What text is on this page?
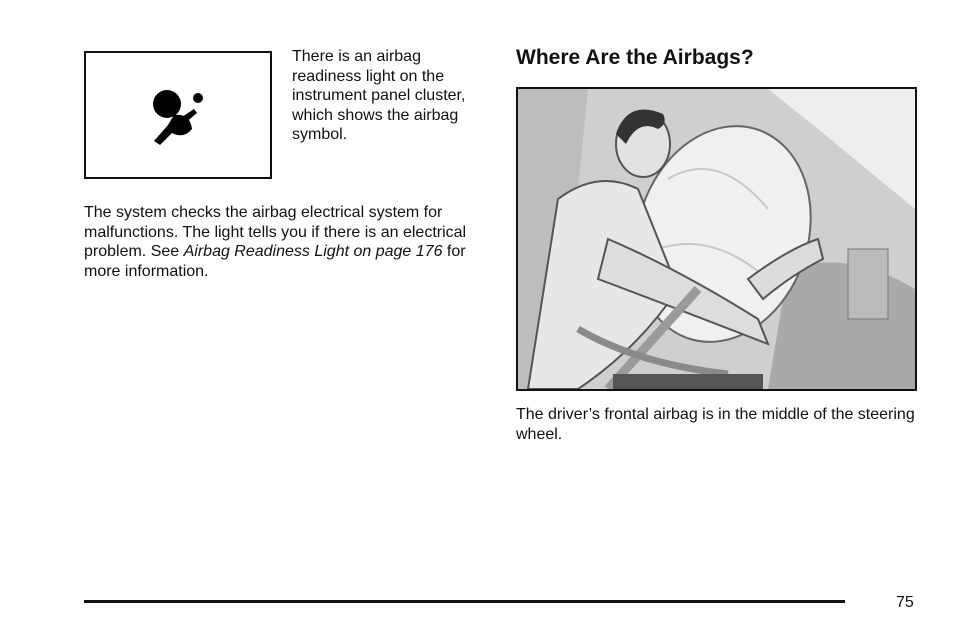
There is an airbag readiness light on the instrument panel cluster, which shows the airbag symbol.

The system checks the airbag electrical system for malfunctions. The light tells you if there is an electrical problem. See Airbag Readiness Light on page 176 for more information.

Where Are the Airbags?
The driver’s frontal airbag is in the middle of the steering wheel.
75
